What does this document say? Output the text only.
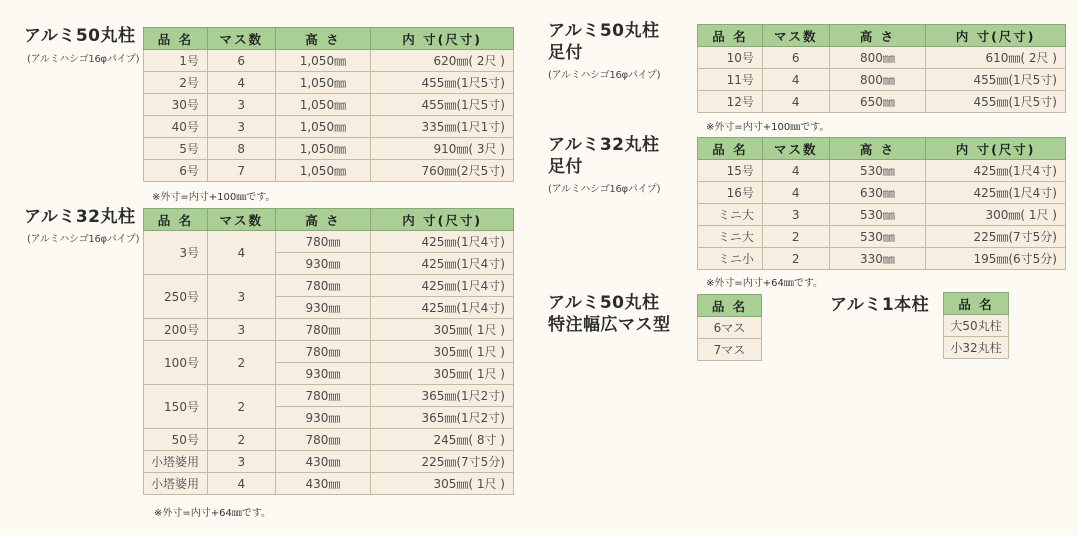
アルミ50丸柱
(アルミハシゴ16φパイプ)
品 名	マス数	高 さ	内 寸(尺寸)
1号	6	1,050㎜	620㎜( 2尺 )
2号	4	1,050㎜	455㎜(1尺5寸)
30号	3	1,050㎜	455㎜(1尺5寸)
40号	3	1,050㎜	335㎜(1尺1寸)
5号	8	1,050㎜	910㎜( 3尺 )
6号	7	1,050㎜	760㎜(2尺5寸)
※外寸=内寸+100㎜です。
アルミ32丸柱
(アルミハシゴ16φパイプ)
品 名	マス数	高 さ	内 寸(尺寸)
3号	4	780㎜	425㎜(1尺4寸)
		930㎜	425㎜(1尺4寸)
250号	3	780㎜	425㎜(1尺4寸)
		930㎜	425㎜(1尺4寸)
200号	3	780㎜	305㎜( 1尺 )
100号	2	780㎜	305㎜( 1尺 )
		930㎜	305㎜( 1尺 )
150号	2	780㎜	365㎜(1尺2寸)
		930㎜	365㎜(1尺2寸)
50号	2	780㎜	245㎜( 8寸 )
小塔婆用	3	430㎜	225㎜(7寸5分)
小塔婆用	4	430㎜	305㎜( 1尺 )
※外寸=内寸+64㎜です。
アルミ50丸柱
足付
(アルミハシゴ16φパイプ)
品 名	マス数	高 さ	内 寸(尺寸)
10号	6	800㎜	610㎜( 2尺 )
11号	4	800㎜	455㎜(1尺5寸)
12号	4	650㎜	455㎜(1尺5寸)
※外寸=内寸+100㎜です。
アルミ32丸柱
足付
(アルミハシゴ16φパイプ)
品 名	マス数	高 さ	内 寸(尺寸)
15号	4	530㎜	425㎜(1尺4寸)
16号	4	630㎜	425㎜(1尺4寸)
ミニ大	3	530㎜	300㎜( 1尺 )
ミニ大	2	530㎜	225㎜(7寸5分)
ミニ小	2	330㎜	195㎜(6寸5分)
※外寸=内寸+64㎜です。
アルミ50丸柱
特注幅広マス型
品 名
6マス
7マス
アルミ1本柱 品 名
大50丸柱
小32丸柱
